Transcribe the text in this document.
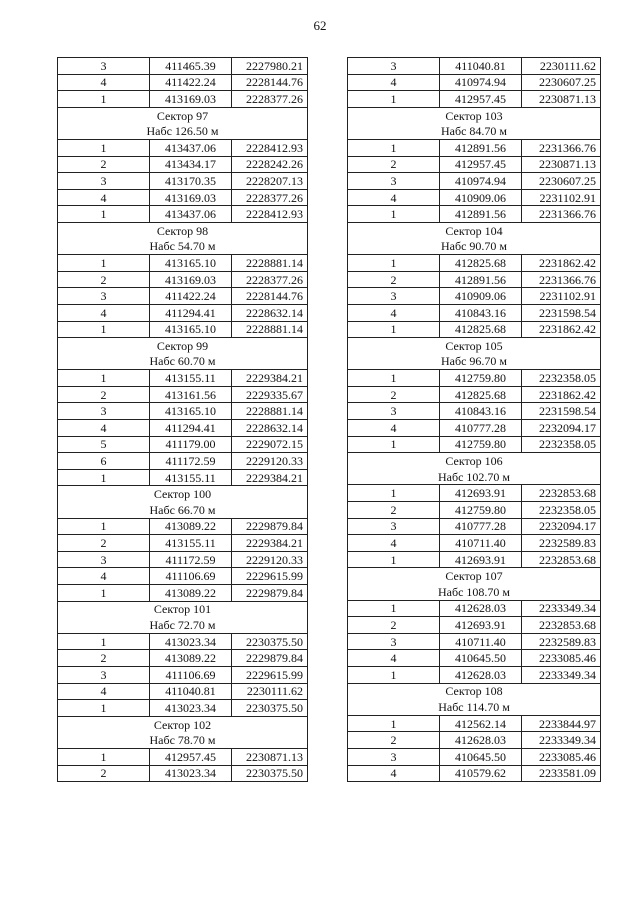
62
3	411465.39	2227980.21
4	411422.24	2228144.76
1	413169.03	2228377.26
Сектор 97		
Набс 126.50 м		
1	413437.06	2228412.93
2	413434.17	2228242.26
3	413170.35	2228207.13
4	413169.03	2228377.26
1	413437.06	2228412.93
Сектор 98		
Набс 54.70 м		
1	413165.10	2228881.14
2	413169.03	2228377.26
3	411422.24	2228144.76
4	411294.41	2228632.14
1	413165.10	2228881.14
Сектор 99		
Набс 60.70 м		
1	413155.11	2229384.21
2	413161.56	2229335.67
3	413165.10	2228881.14
4	411294.41	2228632.14
5	411179.00	2229072.15
6	411172.59	2229120.33
1	413155.11	2229384.21
Сектор 100		
Набс 66.70 м		
1	413089.22	2229879.84
2	413155.11	2229384.21
3	411172.59	2229120.33
4	411106.69	2229615.99
1	413089.22	2229879.84
Сектор 101		
Набс 72.70 м		
1	413023.34	2230375.50
2	413089.22	2229879.84
3	411106.69	2229615.99
4	411040.81	2230111.62
1	413023.34	2230375.50
Сектор 102		
Набс 78.70 м		
1	412957.45	2230871.13
2	413023.34	2230375.50
3	411040.81	2230111.62
4	410974.94	2230607.25
1	412957.45	2230871.13
Сектор 103		
Набс 84.70 м		
1	412891.56	2231366.76
2	412957.45	2230871.13
3	410974.94	2230607.25
4	410909.06	2231102.91
1	412891.56	2231366.76
Сектор 104		
Набс 90.70 м		
1	412825.68	2231862.42
2	412891.56	2231366.76
3	410909.06	2231102.91
4	410843.16	2231598.54
1	412825.68	2231862.42
Сектор 105		
Набс 96.70 м		
1	412759.80	2232358.05
2	412825.68	2231862.42
3	410843.16	2231598.54
4	410777.28	2232094.17
1	412759.80	2232358.05
Сектор 106		
Набс 102.70 м		
1	412693.91	2232853.68
2	412759.80	2232358.05
3	410777.28	2232094.17
4	410711.40	2232589.83
1	412693.91	2232853.68
Сектор 107		
Набс 108.70 м		
1	412628.03	2233349.34
2	412693.91	2232853.68
3	410711.40	2232589.83
4	410645.50	2233085.46
1	412628.03	2233349.34
Сектор 108		
Набс 114.70 м		
1	412562.14	2233844.97
2	412628.03	2233349.34
3	410645.50	2233085.46
4	410579.62	2233581.09
